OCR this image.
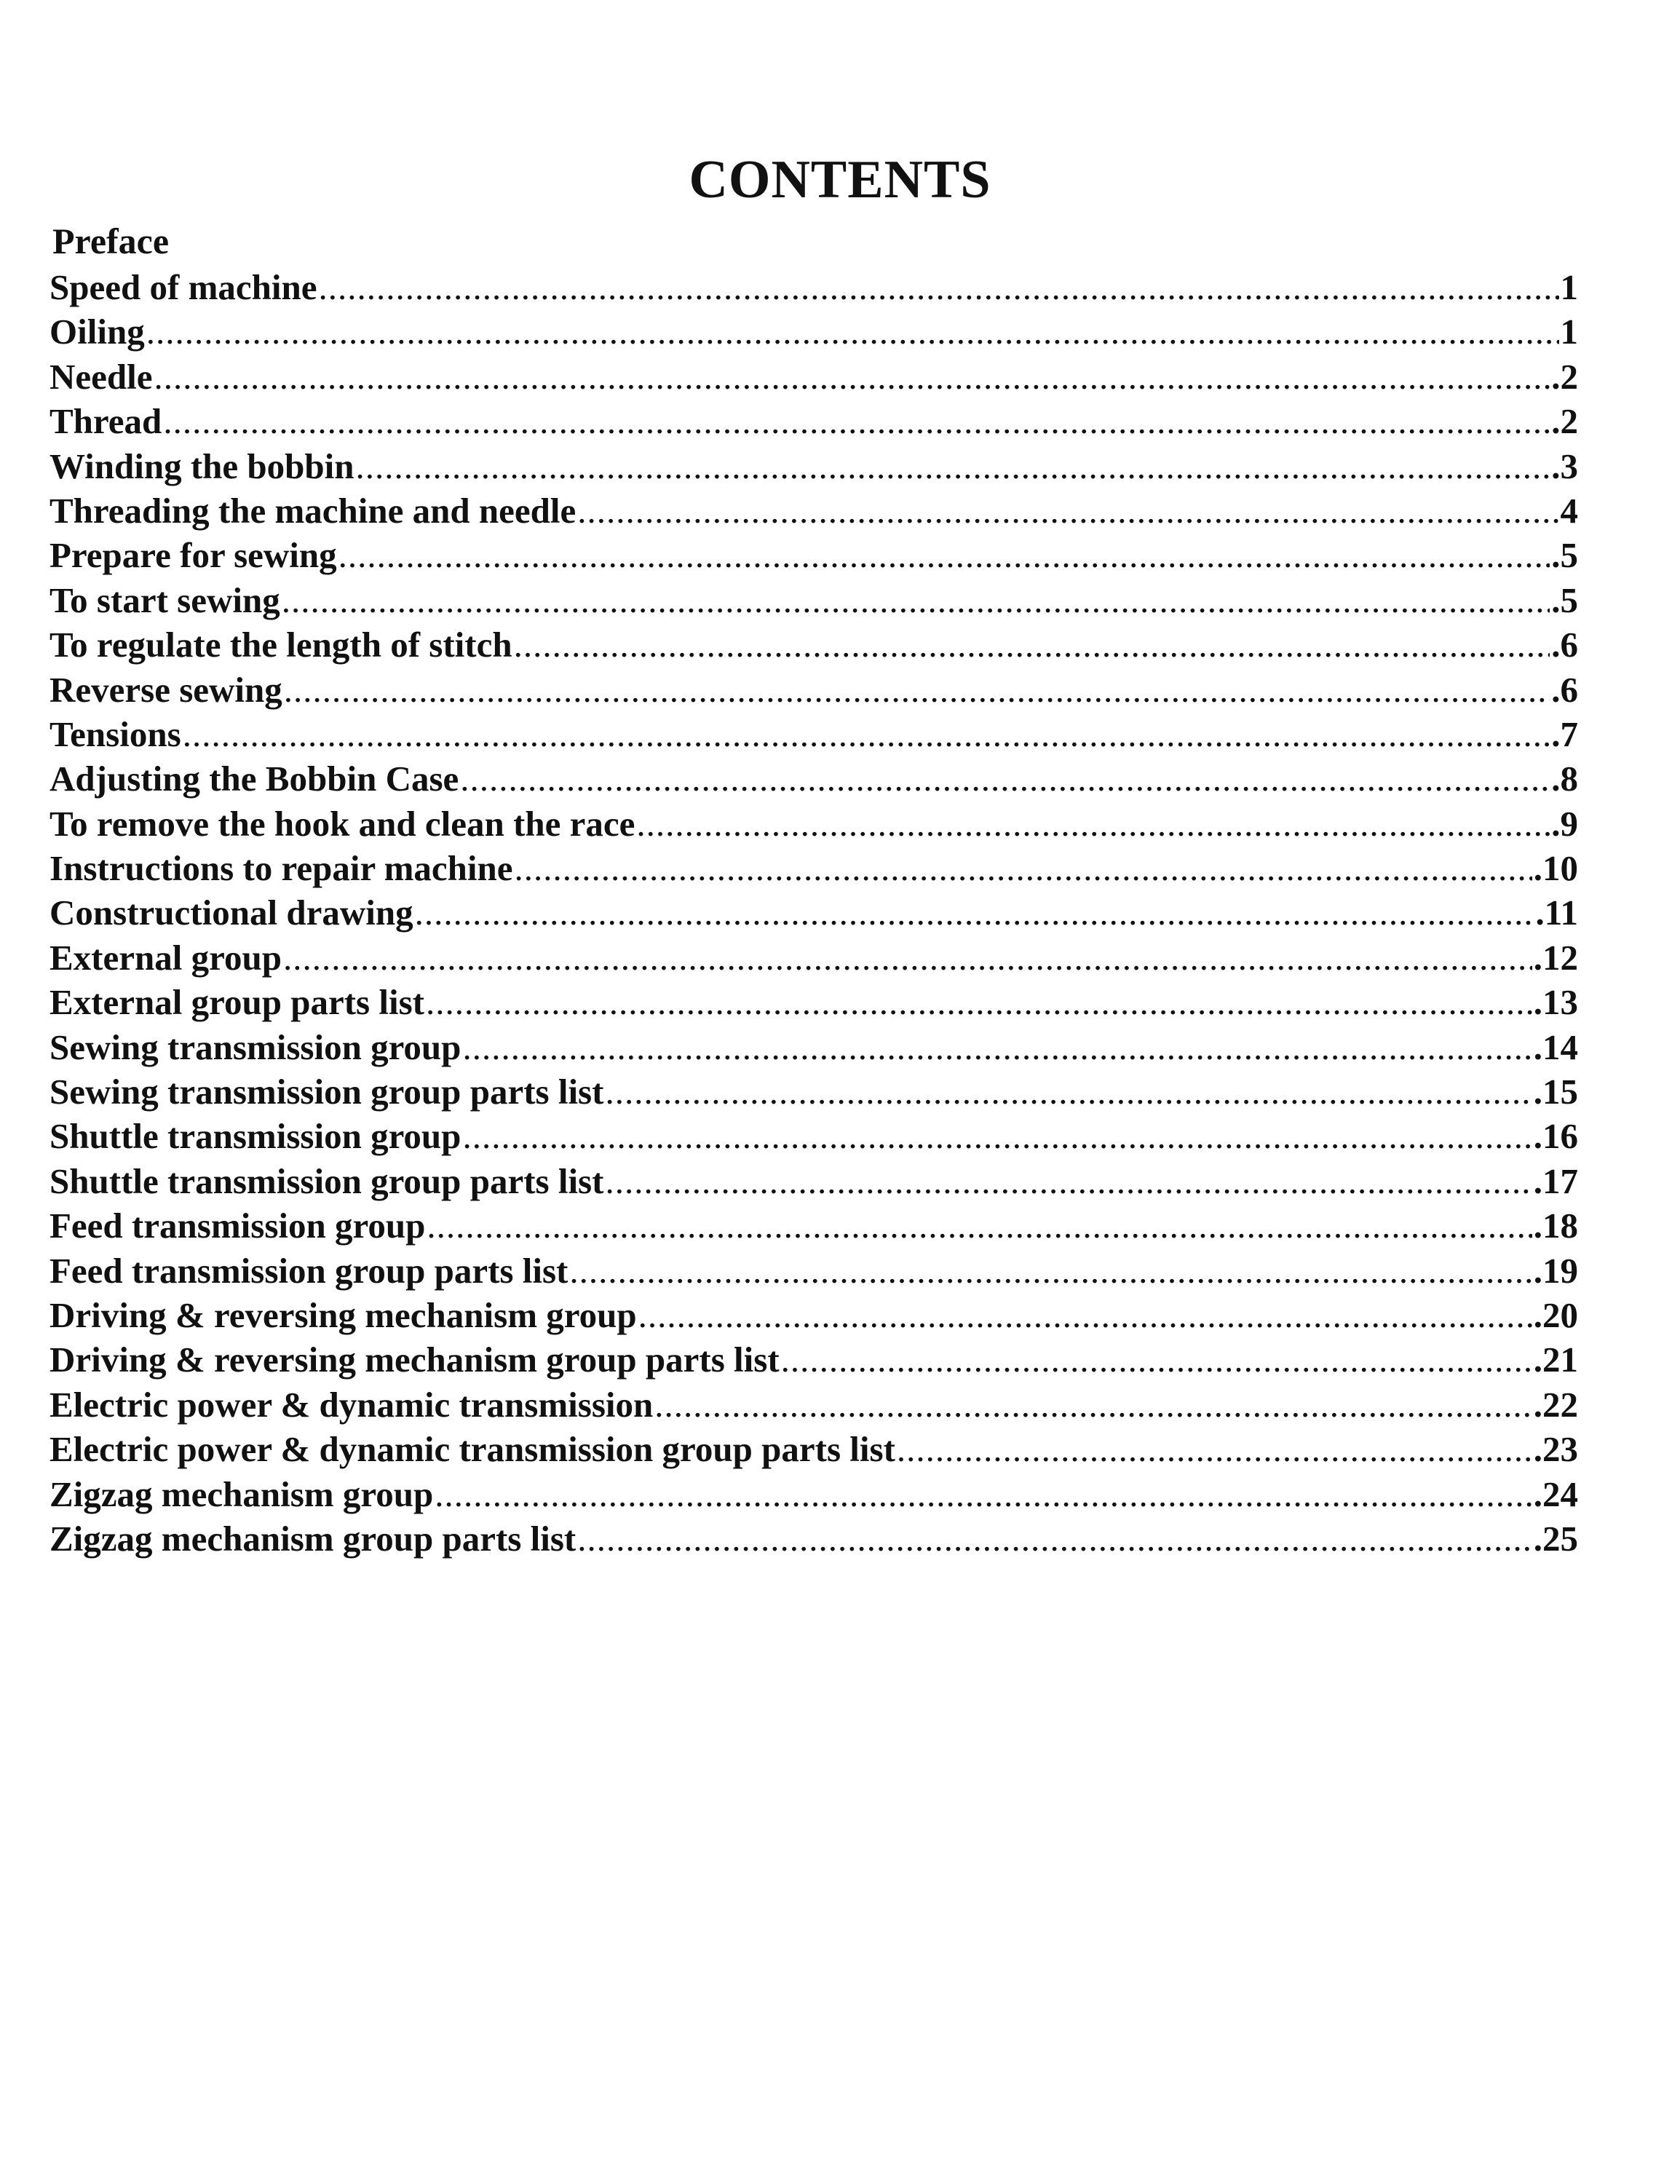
CONTENTS
Preface
Speed of machine .....	1
Oiling .....	1
Needle .....	.2
Thread .....	.2
Winding the bobbin .....	.3
Threading the machine and needle .....	4
Prepare for sewing .....	.5
To start sewing .....	.5
To regulate the length of stitch .....	.6
Reverse sewing .....	.6
Tensions .....	.7
Adjusting the Bobbin Case .....	.8
To remove the hook and clean the race .....	.9
Instructions to repair machine .....	.10
Constructional drawing .....	.11
External group .....	.12
External group parts list .....	.13
Sewing transmission group .....	.14
Sewing transmission group parts list .....	.15
Shuttle transmission group .....	.16
Shuttle transmission group parts list .....	.17
Feed transmission group .....	.18
Feed transmission group parts list .....	.19
Driving & reversing mechanism group .....	.20
Driving & reversing mechanism group parts list .....	.21
Electric power & dynamic transmission .....	.22
Electric power & dynamic transmission group parts list .....	.23
Zigzag mechanism group .....	.24
Zigzag mechanism group parts list .....	.25
